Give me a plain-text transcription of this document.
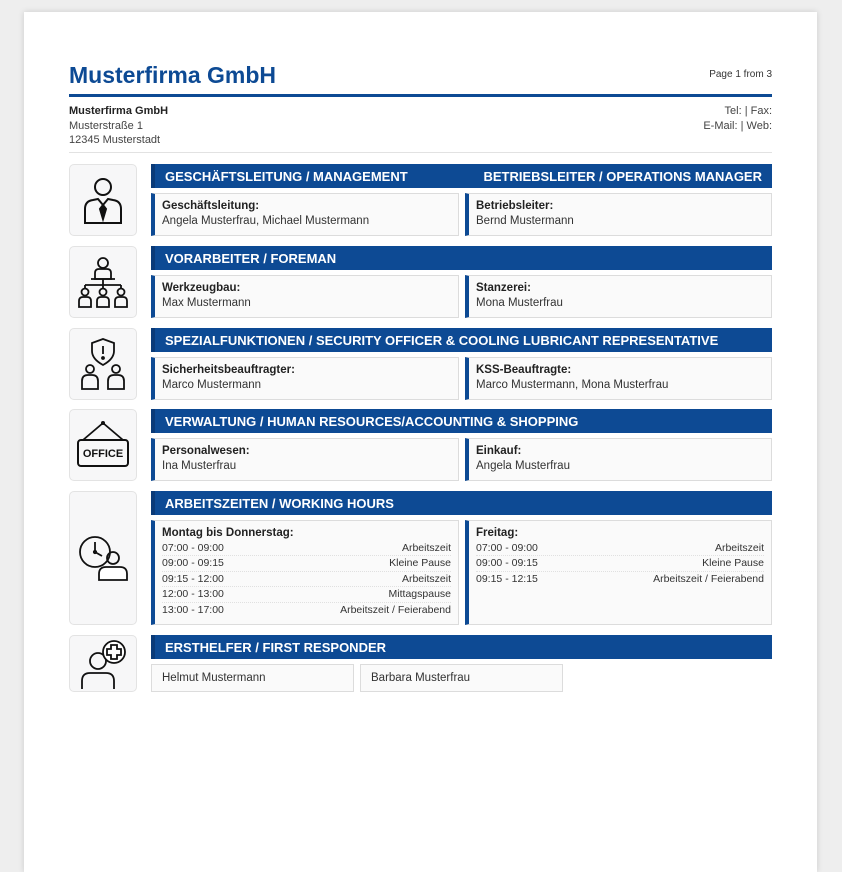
Musterfirma GmbH	Page 1 from 3
Musterfirma GmbH
Musterstraße 1
12345 Musterstadt
Tel: | Fax:
E-Mail: | Web:
GESCHÄFTSLEITUNG / MANAGEMENT	BETRIEBSLEITER / OPERATIONS MANAGER
Geschäftsleitung:
Angela Musterfrau, Michael Mustermann
Betriebsleiter:
Bernd Mustermann
VORARBEITER / FOREMAN
Werkzeugbau:
Max Mustermann
Stanzerei:
Mona Musterfrau
SPEZIALFUNKTIONEN / SECURITY OFFICER & COOLING LUBRICANT REPRESENTATIVE
Sicherheitsbeauftragter:
Marco Mustermann
KSS-Beauftragte:
Marco Mustermann, Mona Musterfrau
OFFICE
VERWALTUNG / HUMAN RESOURCES/ACCOUNTING & SHOPPING
Personalwesen:
Ina Musterfrau
Einkauf:
Angela Musterfrau
ARBEITSZEITEN / WORKING HOURS
Montag bis Donnerstag:
07:00 - 09:00	Arbeitszeit
09:00 - 09:15	Kleine Pause
09:15 - 12:00	Arbeitszeit
12:00 - 13:00	Mittagspause
13:00 - 17:00	Arbeitszeit / Feierabend
Freitag:
07:00 - 09:00	Arbeitszeit
09:00 - 09:15	Kleine Pause
09:15 - 12:15	Arbeitszeit / Feierabend
ERSTHELFER / FIRST RESPONDER
Helmut Mustermann	Barbara Musterfrau
